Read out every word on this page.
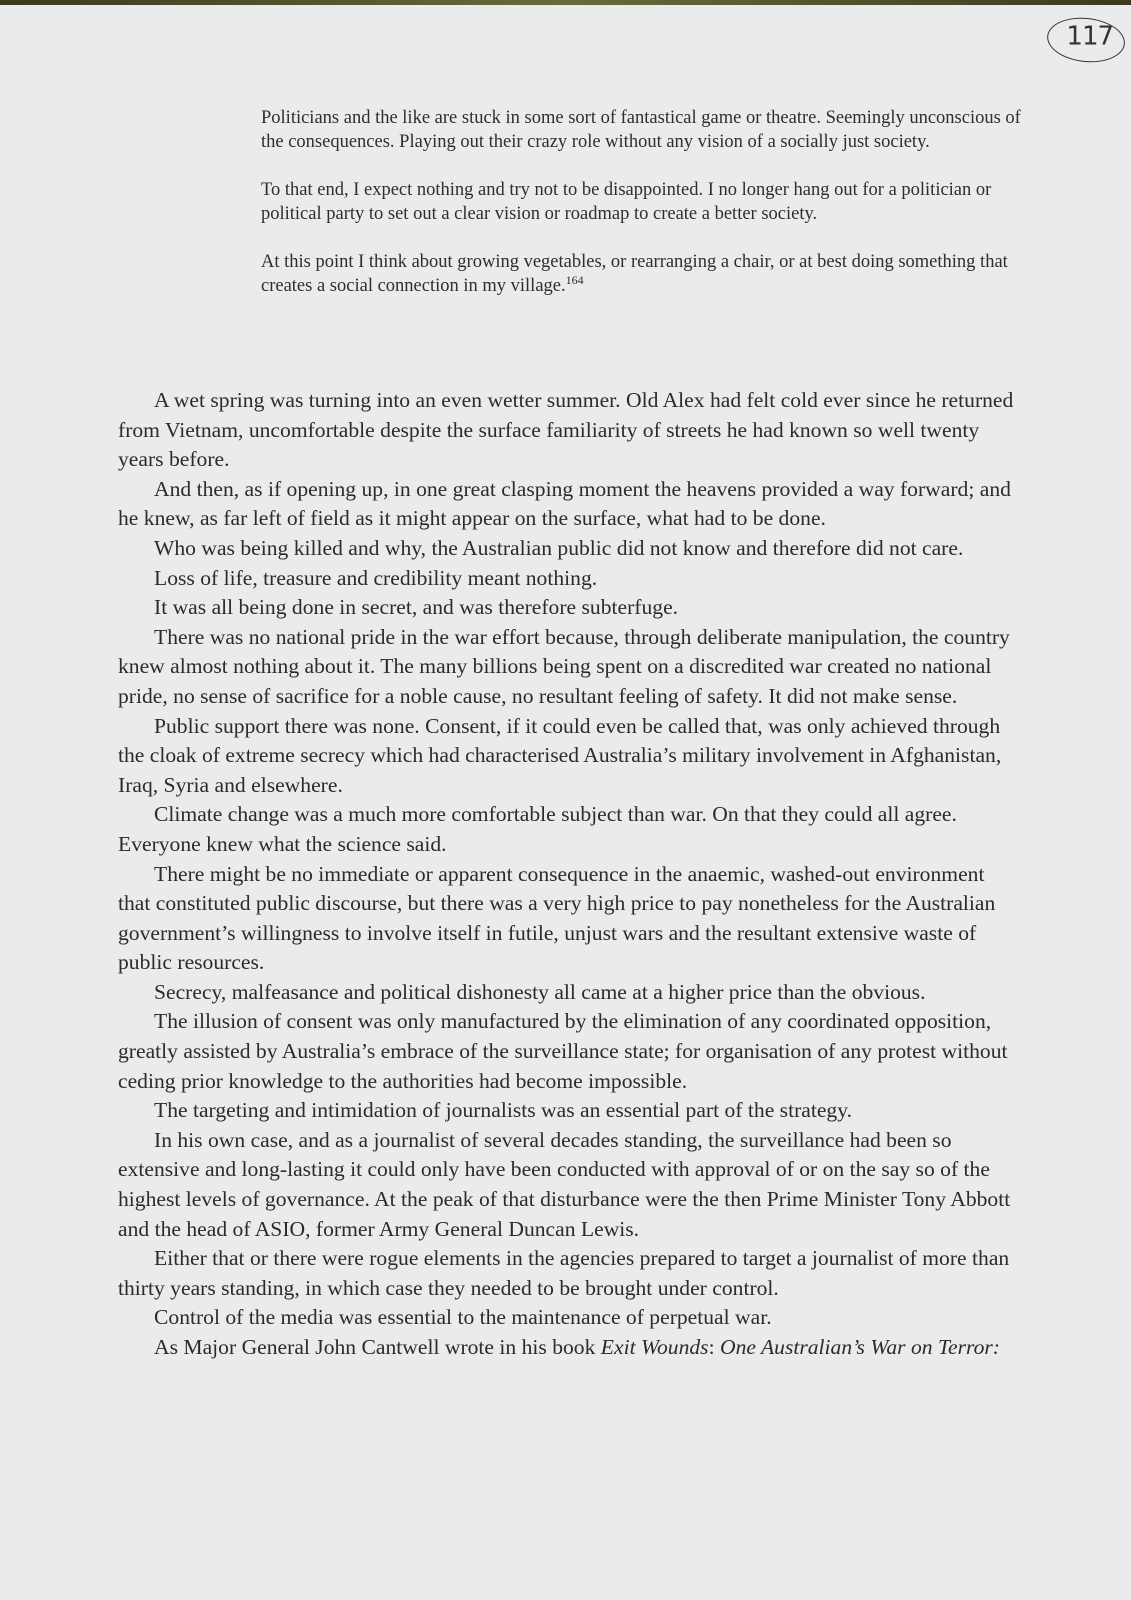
117

Politicians and the like are stuck in some sort of fantastical game or theatre. Seemingly unconscious of the consequences. Playing out their crazy role without any vision of a socially just society.

To that end, I expect nothing and try not to be disappointed. I no longer hang out for a politician or political party to set out a clear vision or roadmap to create a better society.

At this point I think about growing vegetables, or rearranging a chair, or at best doing something that creates a social connection in my village.$^{164}$

A wet spring was turning into an even wetter summer. Old Alex had felt cold ever since he returned from Vietnam, uncomfortable despite the surface familiarity of streets he had known so well twenty years before.

And then, as if opening up, in one great clasping moment the heavens provided a way forward; and he knew, as far left of field as it might appear on the surface, what had to be done.

Who was being killed and why, the Australian public did not know and therefore did not care.

Loss of life, treasure and credibility meant nothing.

It was all being done in secret, and was therefore subterfuge.

There was no national pride in the war effort because, through deliberate manipulation, the country knew almost nothing about it. The many billions being spent on a discredited war created no national pride, no sense of sacrifice for a noble cause, no resultant feeling of safety. It did not make sense.

Public support there was none. Consent, if it could even be called that, was only achieved through the cloak of extreme secrecy which had characterised Australia’s military involvement in Afghanistan, Iraq, Syria and elsewhere.

Climate change was a much more comfortable subject than war. On that they could all agree. Everyone knew what the science said.

There might be no immediate or apparent consequence in the anaemic, washed-out environment that constituted public discourse, but there was a very high price to pay nonetheless for the Australian government’s willingness to involve itself in futile, unjust wars and the resultant extensive waste of public resources.

Secrecy, malfeasance and political dishonesty all came at a higher price than the obvious.

The illusion of consent was only manufactured by the elimination of any coordinated opposition, greatly assisted by Australia’s embrace of the surveillance state; for organisation of any protest without ceding prior knowledge to the authorities had become impossible.

The targeting and intimidation of journalists was an essential part of the strategy.

In his own case, and as a journalist of several decades standing, the surveillance had been so extensive and long-lasting it could only have been conducted with approval of or on the say so of the highest levels of governance. At the peak of that disturbance were the then Prime Minister Tony Abbott and the head of ASIO, former Army General Duncan Lewis.

Either that or there were rogue elements in the agencies prepared to target a journalist of more than thirty years standing, in which case they needed to be brought under control.

Control of the media was essential to the maintenance of perpetual war.

As Major General John Cantwell wrote in his book Exit Wounds: One Australian’s War on Terror:
